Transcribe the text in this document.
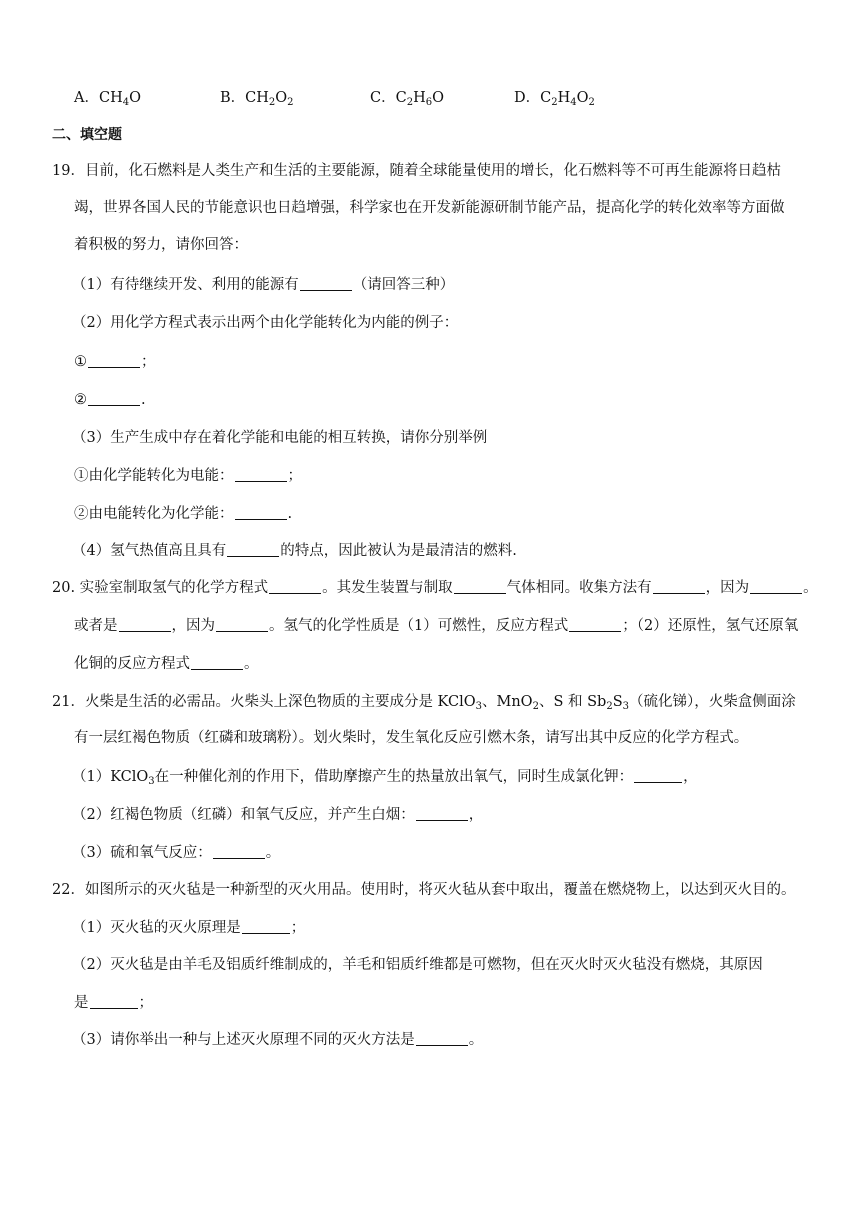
A．$CH_4O$	B．$CH_2O_2$	C．$C_2H_6O$	D．$C_2H_4O_2$
二、填空题
19．目前，化石燃料是人类生产和生活的主要能源，随着全球能量使用的增长，化石燃料等不可再生能源将日趋枯
竭，世界各国人民的节能意识也日趋增强，科学家也在开发新能源研制节能产品，提高化学的转化效率等方面做
着积极的努力，请你回答：
（1）有待继续开发、利用的能源有	（请回答三种）
（2）用化学方程式表示出两个由化学能转化为内能的例子：
①	；
②	.
（3）生产生成中存在着化学能和电能的相互转换，请你分别举例
①由化学能转化为电能：	；
②由电能转化为化学能：	.
（4）氢气热值高且具有	的特点，因此被认为是最清洁的燃料.
20. 实验室制取氢气的化学方程式	。其发生装置与制取	气体相同。收集方法有	，因为	。
或者是	，因为	。氢气的化学性质是（1）可燃性，反应方程式	；（2）还原性，氢气还原氧
化铜的反应方程式	。
21．火柴是生活的必需品。火柴头上深色物质的主要成分是 KClO$_3$、MnO$_2$、S 和 $Sb_2S_3$（硫化锑），火柴盒侧面涂
有一层红褐色物质（红磷和玻璃粉）。划火柴时，发生氧化反应引燃木条，请写出其中反应的化学方程式。
（1）KClO$_3$在一种催化剂的作用下，借助摩擦产生的热量放出氧气，同时生成氯化钾：	，
（2）红褐色物质（红磷）和氧气反应，并产生白烟：	，
（3）硫和氧气反应：	。
22．如图所示的灭火毡是一种新型的灭火用品。使用时，将灭火毡从套中取出，覆盖在燃烧物上，以达到灭火目的。
（1）灭火毡的灭火原理是	；
（2）灭火毡是由羊毛及铝质纤维制成的，羊毛和铝质纤维都是可燃物，但在灭火时灭火毡没有燃烧，其原因
是	；
（3）请你举出一种与上述灭火原理不同的灭火方法是	。
